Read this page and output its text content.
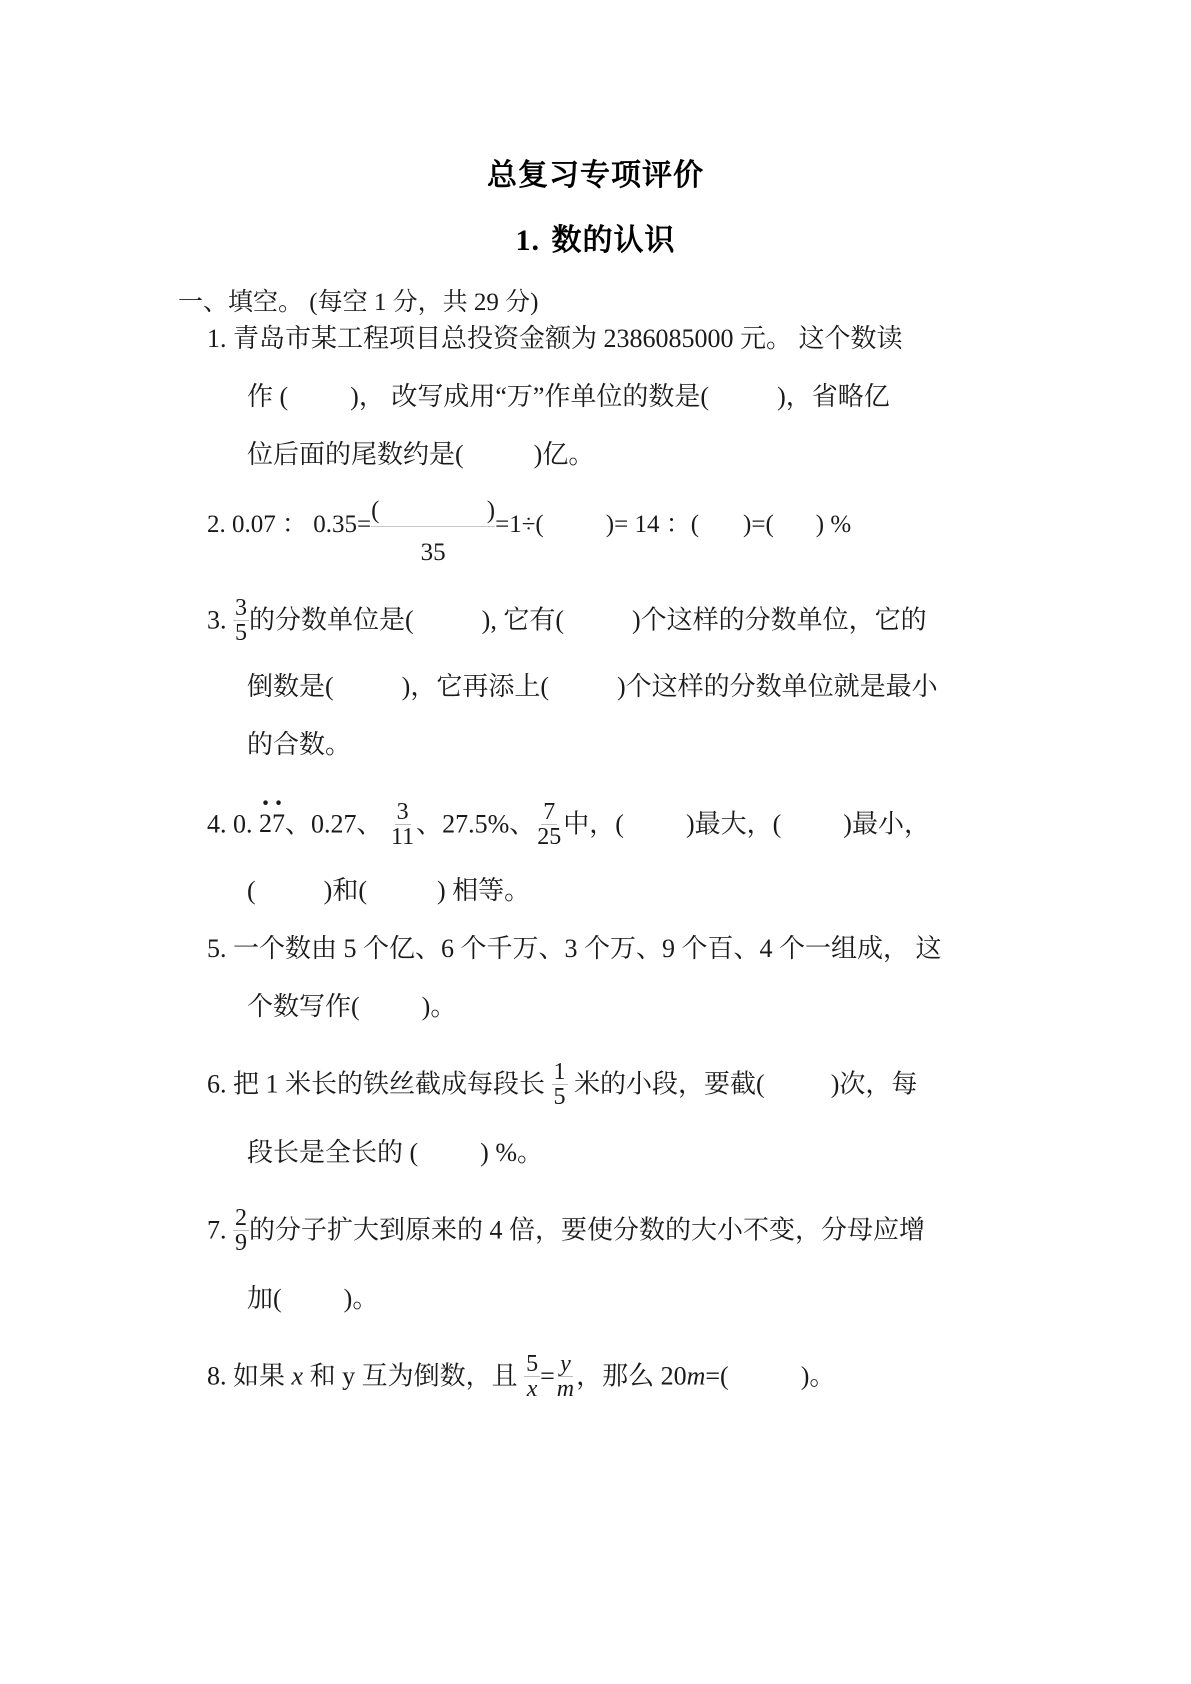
总复习专项评价
1. 数的认识
一、填空。 (每空 1 分，共 29 分)
1. 青岛市某工程项目总投资金额为 2386085000 元。 这个数读
作 ( )， 改写成用“万”作单位的数是(	)，省略亿
位后面的尾数约是(	)亿。
2. 0.07 ： 0.35=
(	)
35
=1÷( )= 14 ：( )=( ) %
3. $\frac{3}{5}$ 的分数单位是(	), 它有(	)个这样的分数单位，它的
倒数是(	)，它再添上(	)个这样的分数单位就是最小
的合数。
4. 0. · 2· 7、0.27、 $\frac{3}{11}$ 、27.5%、 $\frac{7}{25}$ 中，( )最大，( )最小，
(	)和(	) 相等。
5. 一个数由 5 个亿、6 个千万、3 个万、9 个百、4 个一组成， 这
个数写作( )。
6. 把 1 米长的铁丝截成每段长 $\frac{1}{5}$ 米的小段，要截(	)次，每
段长是全长的 ( ) %。
7. $\frac{2}{9}$ 的分子扩大到原来的 4 倍，要使分数的大小不变，分母应增
加( )。
8. 如果 x 和 y 互为倒数，且 $\frac{5}{x} = \frac{y}{m}$ ，那么 20m=(	)。
